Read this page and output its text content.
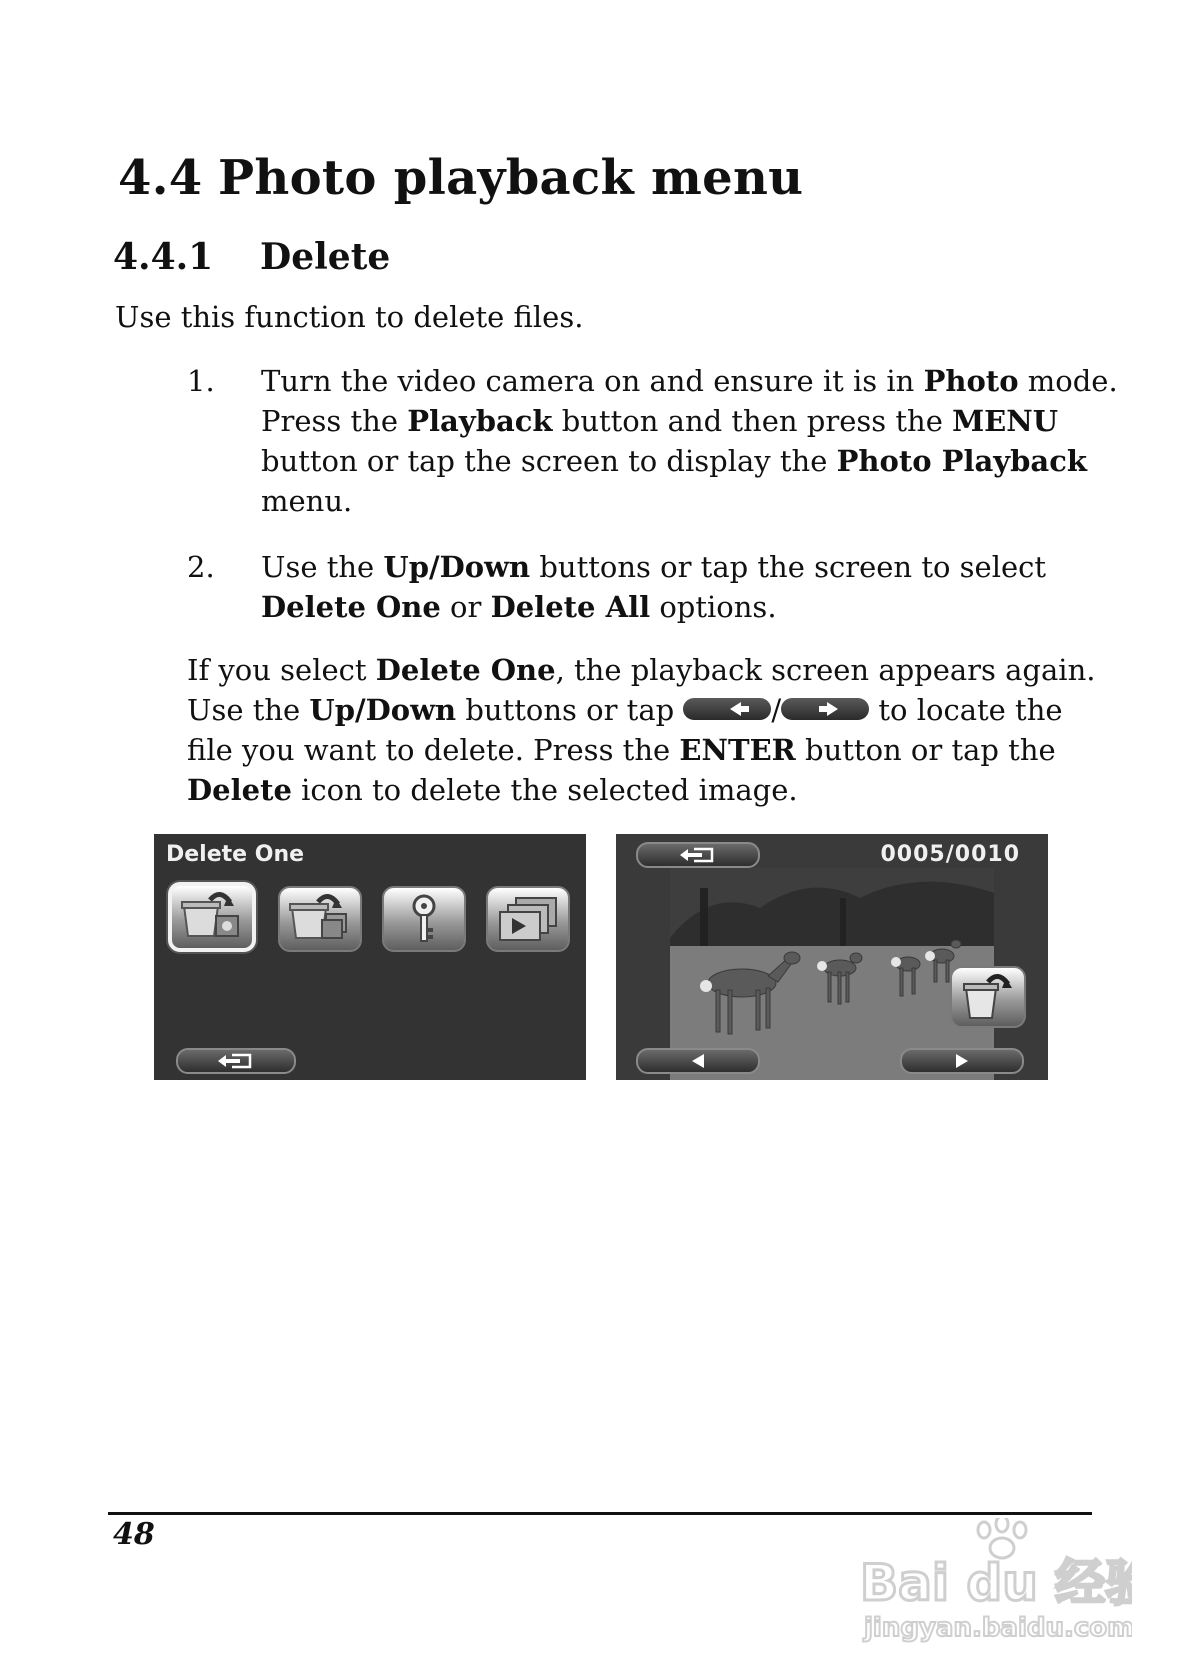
4.4 Photo playback menu
4.4.1 Delete
Use this function to delete files.
1. Turn the video camera on and ensure it is in Photo mode.
Press the Playback button and then press the MENU
button or tap the screen to display the Photo Playback
menu.
2. Use the Up/Down buttons or tap the screen to select
Delete One or Delete All options.
If you select Delete One, the playback screen appears again.
Use the Up/Down buttons or tap	/	to locate the
file you want to delete. Press the ENTER button or tap the
Delete icon to delete the selected image.
Delete One	0005/0010
48
Bai du 经验
jingyan.baidu.com
